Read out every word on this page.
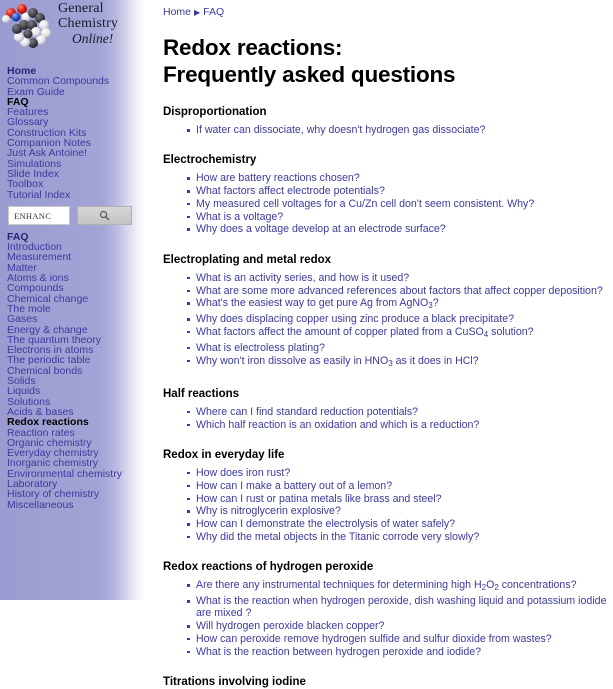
General
Chemistry
Online!
Home
Common Compounds
Exam Guide
FAQ
Features
Glossary
Construction Kits
Companion Notes
Just Ask Antoine!
Simulations
Slide Index
Toolbox
Tutorial Index
ENHANC
FAQ
Introduction
Measurement
Matter
Atoms & ions
Compounds
Chemical change
The mole
Gases
Energy & change
The quantum theory
Electrons in atoms
The periodic table
Chemical bonds
Solids
Liquids
Solutions
Acids & bases
Redox reactions
Reaction rates
Organic chemistry
Everyday chemistry
Inorganic chemistry
Environmental chemistry
Laboratory
History of chemistry
Miscellaneous
Home ▶ FAQ
Redox reactions:
Frequently asked questions
Disproportionation
If water can dissociate, why doesn't hydrogen gas dissociate?
Electrochemistry
How are battery reactions chosen?
What factors affect electrode potentials?
My measured cell voltages for a Cu/Zn cell don't seem consistent. Why?
What is a voltage?
Why does a voltage develop at an electrode surface?
Electroplating and metal redox
What is an activity series, and how is it used?
What are some more advanced references about factors that affect copper deposition?
What's the easiest way to get pure Ag from AgNO$_3$?
Why does displacing copper using zinc produce a black precipitate?
What factors affect the amount of copper plated from a CuSO$_4$ solution?
What is electroless plating?
Why won't iron dissolve as easily in $HNO_3$ as it does in HCl?
Half reactions
Where can I find standard reduction potentials?
Which half reaction is an oxidation and which is a reduction?
Redox in everyday life
How does iron rust?
How can I make a battery out of a lemon?
How can I rust or patina metals like brass and steel?
Why is nitroglycerin explosive?
How can I demonstrate the electrolysis of water safely?
Why did the metal objects in the Titanic corrode very slowly?
Redox reactions of hydrogen peroxide
Are there any instrumental techniques for determining high $H_2O_2$ concentrations?
What is the reaction when hydrogen peroxide, dish washing liquid and potassium iodide are mixed ?
Will hydrogen peroxide blacken copper?
How can peroxide remove hydrogen sulfide and sulfur dioxide from wastes?
What is the reaction between hydrogen peroxide and iodide?
Titrations involving iodine
